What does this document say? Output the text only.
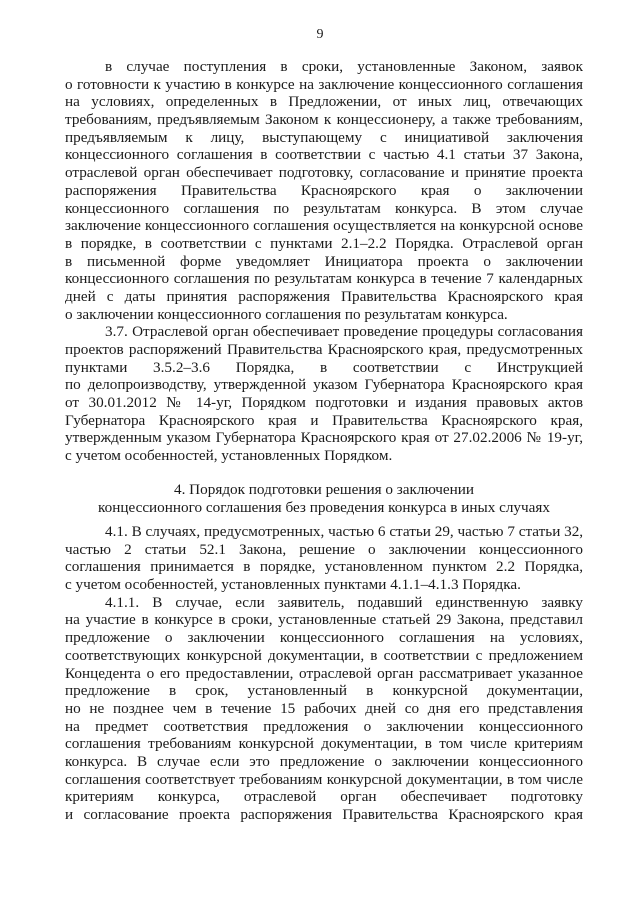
9
в случае поступления в сроки, установленные Законом, заявок
о готовности к участию в конкурсе на заключение концессионного соглашения
на условиях, определенных в Предложении, от иных лиц, отвечающих
требованиям, предъявляемым Законом к концессионеру, а также требованиям,
предъявляемым к лицу, выступающему с инициативой заключения
концессионного соглашения в соответствии с частью 4.1 статьи 37 Закона,
отраслевой орган обеспечивает подготовку, согласование и принятие проекта
распоряжения Правительства Красноярского края о заключении
концессионного соглашения по результатам конкурса. В этом случае
заключение концессионного соглашения осуществляется на конкурсной основе
в порядке, в соответствии с пунктами 2.1–2.2 Порядка. Отраслевой орган
в письменной форме уведомляет Инициатора проекта о заключении
концессионного соглашения по результатам конкурса в течение 7 календарных
дней с даты принятия распоряжения Правительства Красноярского края
о заключении концессионного соглашения по результатам конкурса.
3.7. Отраслевой орган обеспечивает проведение процедуры согласования
проектов распоряжений Правительства Красноярского края, предусмотренных
пунктами 3.5.2–3.6 Порядка, в соответствии с Инструкцией
по делопроизводству, утвержденной указом Губернатора Красноярского края
от 30.01.2012 № 14-уг, Порядком подготовки и издания правовых актов
Губернатора Красноярского края и Правительства Красноярского края,
утвержденным указом Губернатора Красноярского края от 27.02.2006 № 19-уг,
с учетом особенностей, установленных Порядком.
4. Порядок подготовки решения о заключении
концессионного соглашения без проведения конкурса в иных случаях
4.1. В случаях, предусмотренных, частью 6 статьи 29, частью 7 статьи 32,
частью 2 статьи 52.1 Закона, решение о заключении концессионного
соглашения принимается в порядке, установленном пунктом 2.2 Порядка,
с учетом особенностей, установленных пунктами 4.1.1–4.1.3 Порядка.
4.1.1. В случае, если заявитель, подавший единственную заявку
на участие в конкурсе в сроки, установленные статьей 29 Закона, представил
предложение о заключении концессионного соглашения на условиях,
соответствующих конкурсной документации, в соответствии с предложением
Концедента о его предоставлении, отраслевой орган рассматривает указанное
предложение в срок, установленный в конкурсной документации,
но не позднее чем в течение 15 рабочих дней со дня его представления
на предмет соответствия предложения о заключении концессионного
соглашения требованиям конкурсной документации, в том числе критериям
конкурса. В случае если это предложение о заключении концессионного
соглашения соответствует требованиям конкурсной документации, в том числе
критериям конкурса, отраслевой орган обеспечивает подготовку
и согласование проекта распоряжения Правительства Красноярского края
